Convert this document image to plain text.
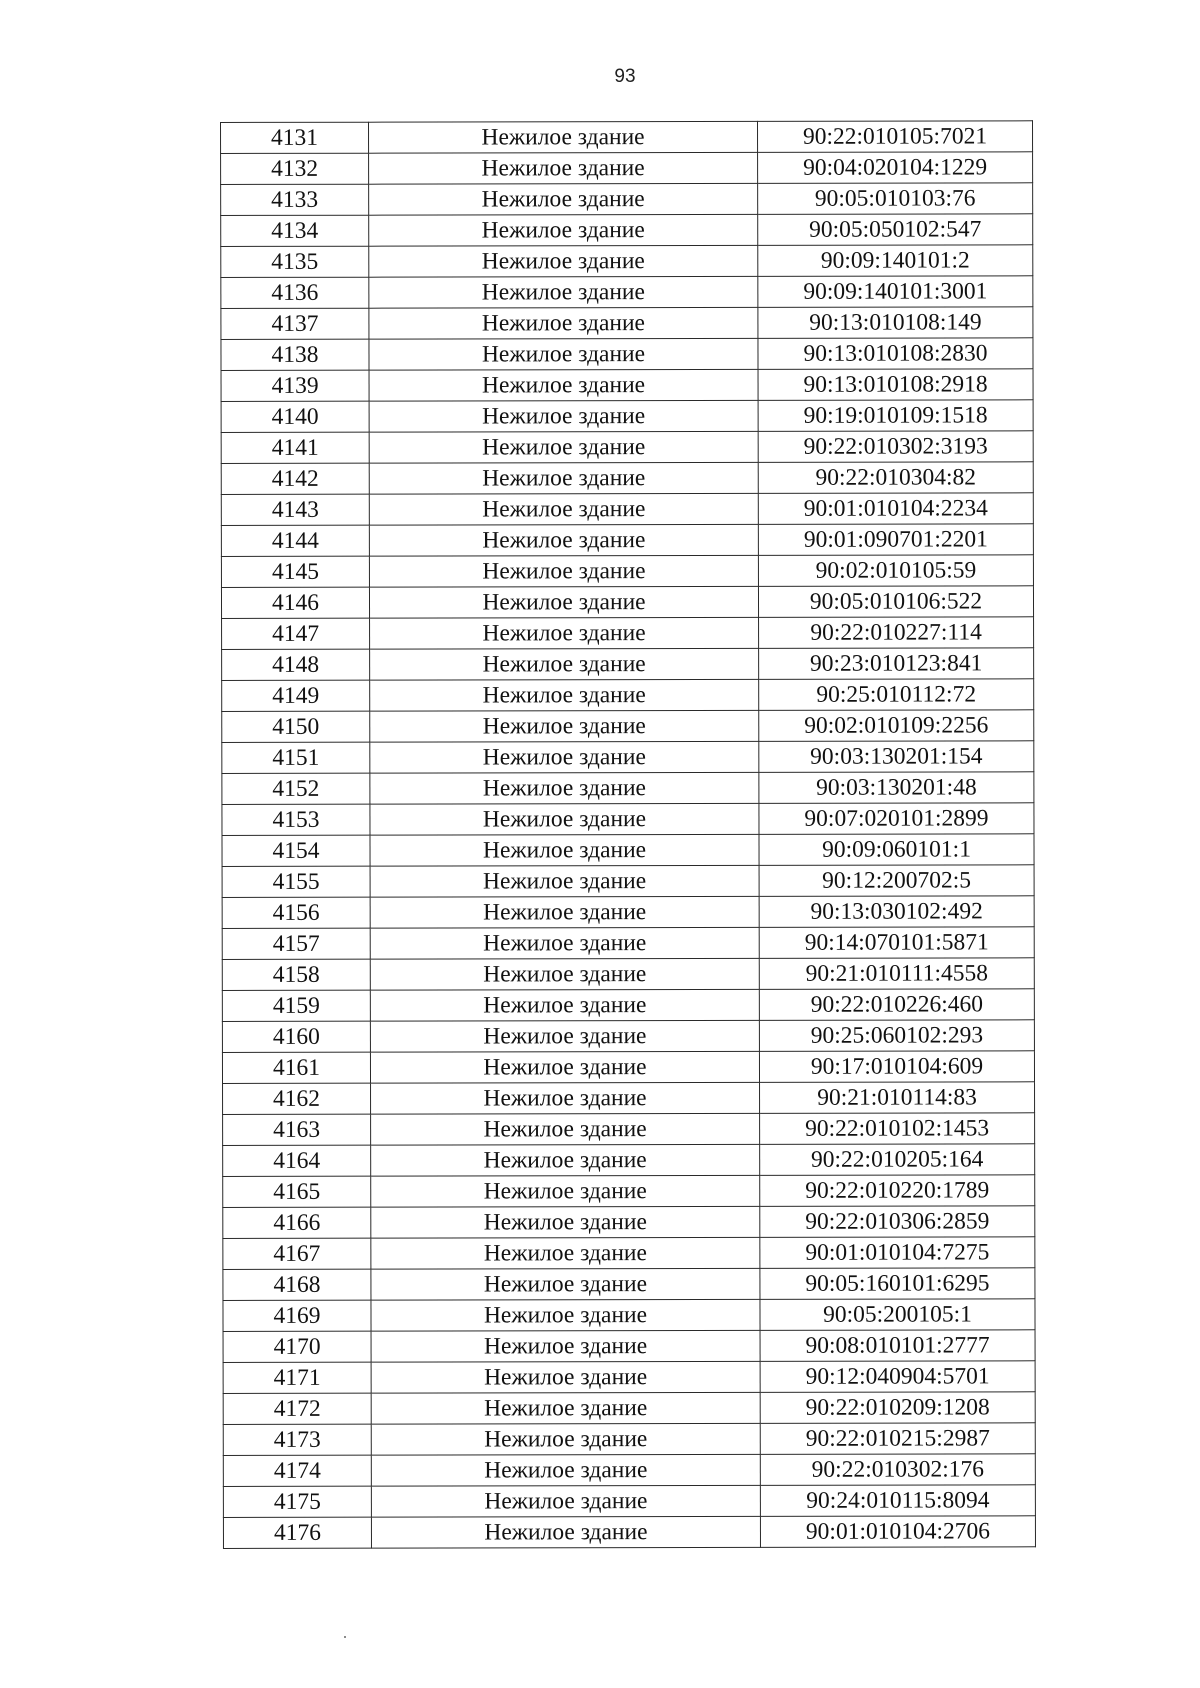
93
4131	Нежилое здание	90:22:010105:7021
4132	Нежилое здание	90:04:020104:1229
4133	Нежилое здание	90:05:010103:76
4134	Нежилое здание	90:05:050102:547
4135	Нежилое здание	90:09:140101:2
4136	Нежилое здание	90:09:140101:3001
4137	Нежилое здание	90:13:010108:149
4138	Нежилое здание	90:13:010108:2830
4139	Нежилое здание	90:13:010108:2918
4140	Нежилое здание	90:19:010109:1518
4141	Нежилое здание	90:22:010302:3193
4142	Нежилое здание	90:22:010304:82
4143	Нежилое здание	90:01:010104:2234
4144	Нежилое здание	90:01:090701:2201
4145	Нежилое здание	90:02:010105:59
4146	Нежилое здание	90:05:010106:522
4147	Нежилое здание	90:22:010227:114
4148	Нежилое здание	90:23:010123:841
4149	Нежилое здание	90:25:010112:72
4150	Нежилое здание	90:02:010109:2256
4151	Нежилое здание	90:03:130201:154
4152	Нежилое здание	90:03:130201:48
4153	Нежилое здание	90:07:020101:2899
4154	Нежилое здание	90:09:060101:1
4155	Нежилое здание	90:12:200702:5
4156	Нежилое здание	90:13:030102:492
4157	Нежилое здание	90:14:070101:5871
4158	Нежилое здание	90:21:010111:4558
4159	Нежилое здание	90:22:010226:460
4160	Нежилое здание	90:25:060102:293
4161	Нежилое здание	90:17:010104:609
4162	Нежилое здание	90:21:010114:83
4163	Нежилое здание	90:22:010102:1453
4164	Нежилое здание	90:22:010205:164
4165	Нежилое здание	90:22:010220:1789
4166	Нежилое здание	90:22:010306:2859
4167	Нежилое здание	90:01:010104:7275
4168	Нежилое здание	90:05:160101:6295
4169	Нежилое здание	90:05:200105:1
4170	Нежилое здание	90:08:010101:2777
4171	Нежилое здание	90:12:040904:5701
4172	Нежилое здание	90:22:010209:1208
4173	Нежилое здание	90:22:010215:2987
4174	Нежилое здание	90:22:010302:176
4175	Нежилое здание	90:24:010115:8094
4176	Нежилое здание	90:01:010104:2706
